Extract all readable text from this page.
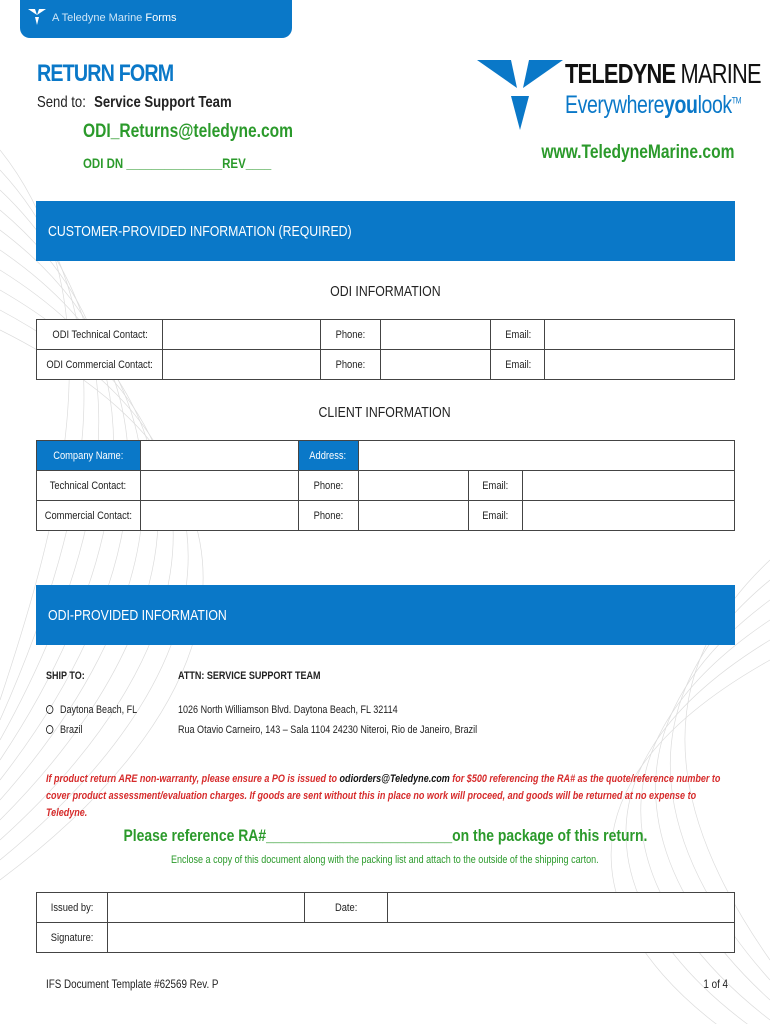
A Teledyne Marine Forms
RETURN FORM
Send to: Service Support Team
ODI_Returns@teledyne.com
ODI DN _______________REV____
TELEDYNE MARINE
Everywhereyoulook™
www.TeledyneMarine.com
CUSTOMER-PROVIDED INFORMATION (REQUIRED)
ODI INFORMATION
ODI Technical Contact:		Phone:		Email:	
ODI Commercial Contact:		Phone:		Email:	
CLIENT INFORMATION
Company Name:		Address:			
Technical Contact:		Phone:		Email:	
Commercial Contact:		Phone:		Email:	
ODI-PROVIDED INFORMATION
SHIP TO:	ATTN: SERVICE SUPPORT TEAM
Daytona Beach, FL	1026 North Williamson Blvd. Daytona Beach, FL 32114
Brazil	Rua Otavio Carneiro, 143 – Sala 1104 24230 Niteroi, Rio de Janeiro, Brazil
If product return ARE non-warranty, please ensure a PO is issued to odiorders@Teledyne.com for $500 referencing the RA# as the quote/reference number to cover product assessment/evaluation charges. If goods are sent without this in place no work will proceed, and goods will be returned at no expense to Teledyne.
Please reference RA#________________________on the package of this return.
Enclose a copy of this document along with the packing list and attach to the outside of the shipping carton.
Issued by:		Date:	
Signature:			
IFS Document Template #62569 Rev. P	1 of 4
